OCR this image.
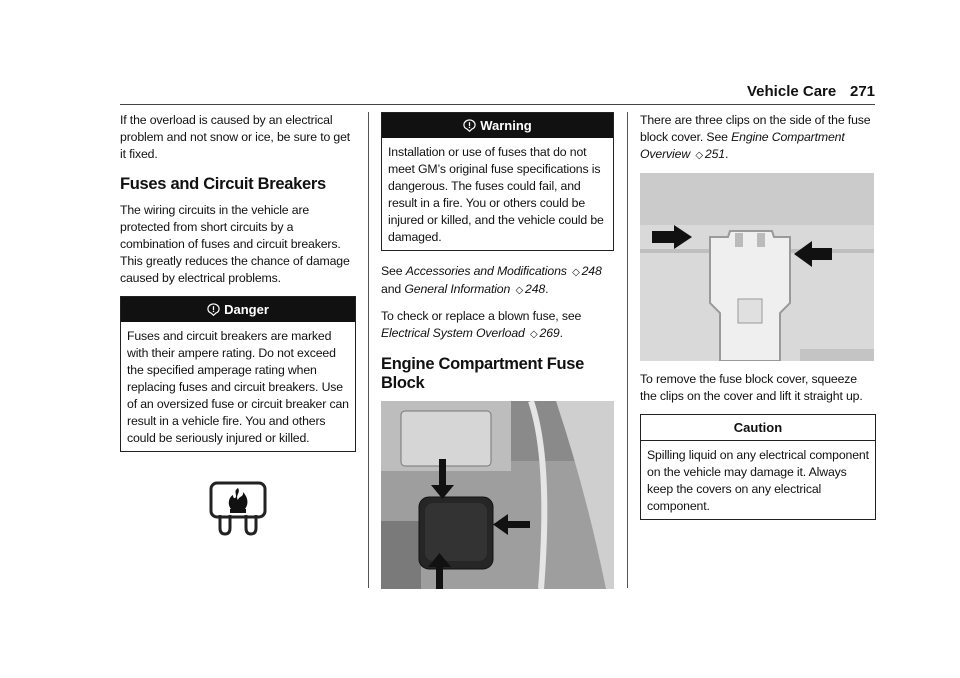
Vehicle Care 271

If the overload is caused by an electrical problem and not snow or ice, be sure to get it fixed.

Fuses and Circuit Breakers

The wiring circuits in the vehicle are protected from short circuits by a combination of fuses and circuit breakers. This greatly reduces the chance of damage caused by electrical problems.

Danger

Fuses and circuit breakers are marked with their ampere rating. Do not exceed the specified amperage rating when replacing fuses and circuit breakers. Use of an oversized fuse or circuit breaker can result in a vehicle fire. You and others could be seriously injured or killed.

Warning

Installation or use of fuses that do not meet GM’s original fuse specifications is dangerous. The fuses could fail, and result in a fire. You or others could be injured or killed, and the vehicle could be damaged.

See Accessories and Modifications ◇ 248 and General Information ◇ 248.

To check or replace a blown fuse, see Electrical System Overload ◇ 269.

Engine Compartment Fuse Block

There are three clips on the side of the fuse block cover. See Engine Compartment Overview ◇ 251.

To remove the fuse block cover, squeeze the clips on the cover and lift it straight up.

Caution

Spilling liquid on any electrical component on the vehicle may damage it. Always keep the covers on any electrical component.
